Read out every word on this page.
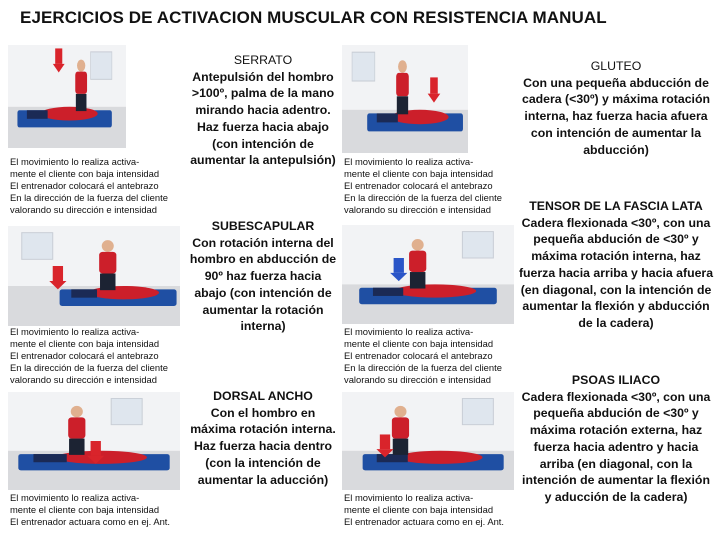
EJERCICIOS DE ACTIVACION MUSCULAR CON RESISTENCIA MANUAL
El movimiento lo realiza activa-
mente el cliente con baja intensidad
El entrenador colocará el antebrazo
En la dirección de la fuerza del cliente
valorando su dirección e intensidad
El movimiento lo realiza activa-
mente el cliente con baja intensidad
El entrenador colocará el antebrazo
En la dirección de la fuerza del cliente
valorando su dirección e intensidad
El movimiento lo realiza activa-
mente el cliente con baja intensidad
El entrenador actuara como en ej. Ant.
El movimiento lo realiza activa-
mente el cliente con baja intensidad
El entrenador colocará el antebrazo
En la dirección de la fuerza del cliente
valorando su dirección e intensidad
El movimiento lo realiza activa-
mente el cliente con baja intensidad
El entrenador colocará el antebrazo
En la dirección de la fuerza del cliente
valorando su dirección e intensidad
El movimiento lo realiza activa-
mente el cliente con baja intensidad
El entrenador actuara como en ej. Ant.
SERRATO
Antepulsión del hombro >100º, palma de la mano mirando hacia adentro. Haz fuerza hacia abajo (con intención de aumentar la antepulsión)
SUBESCAPULAR
Con rotación interna del hombro en abducción de 90º haz fuerza hacia abajo (con intención de aumentar la rotación interna)
DORSAL ANCHO
Con el hombro en máxima rotación interna. Haz fuerza hacia dentro (con la intención de aumentar la aducción)
GLUTEO
Con una pequeña abducción de cadera (<30º) y máxima rotación interna, haz fuerza hacia afuera con intención de aumentar la abducción)
TENSOR DE LA FASCIA LATA
Cadera flexionada <30º, con una pequeña abdución de <30º y máxima rotación interna, haz fuerza hacia arriba y hacia afuera (en diagonal, con la intención de aumentar la flexión y abducción de la cadera)
PSOAS ILIACO
Cadera flexionada <30º, con una pequeña abdución de <30º y máxima rotación externa, haz fuerza hacia adentro y hacia arriba (en diagonal, con la intención de aumentar la flexión y aducción de la cadera)
